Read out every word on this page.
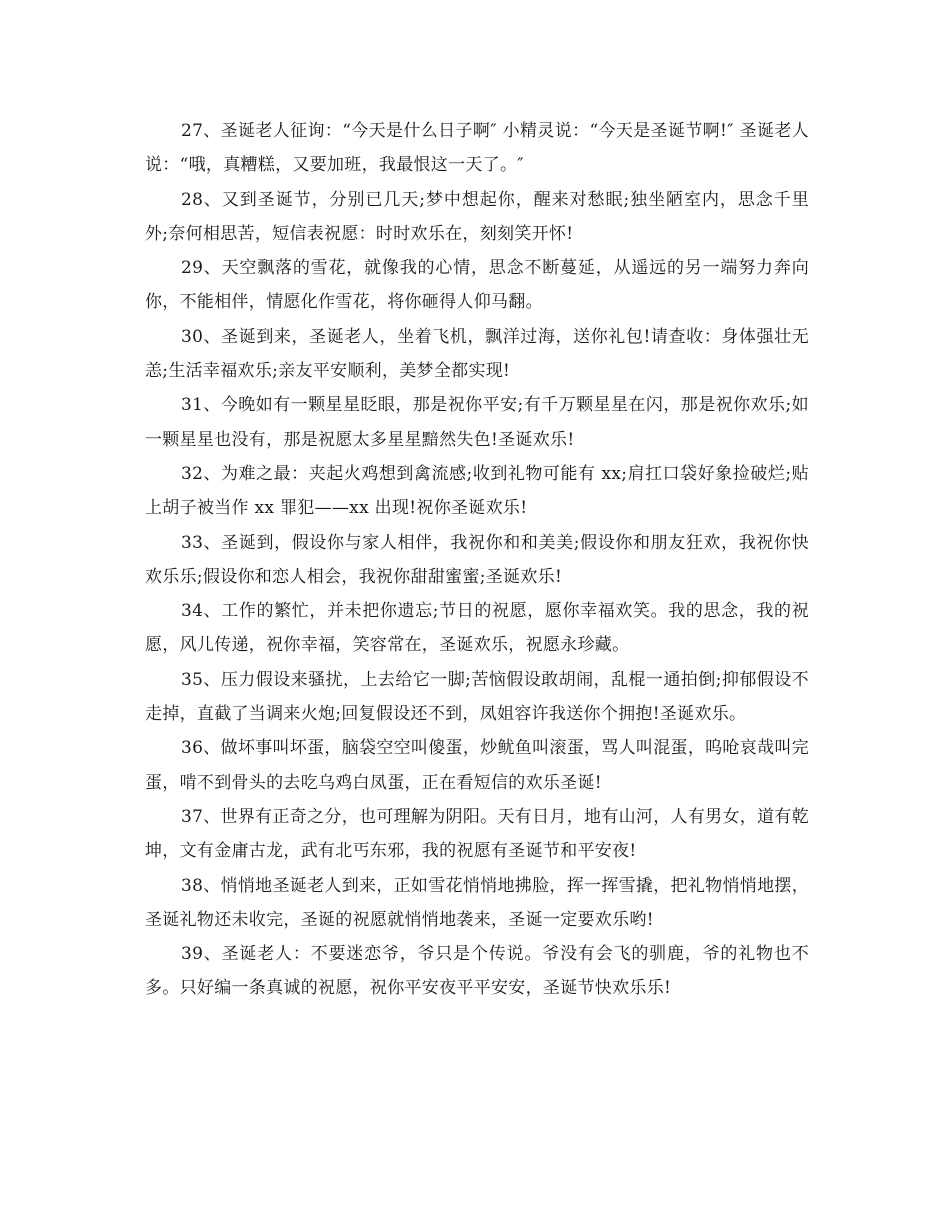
27、圣诞老人征询：“今天是什么日子啊″ 小精灵说：“今天是圣诞节啊!″ 圣诞老人说：“哦，真糟糕，又要加班，我最恨这一天了。″

28、又到圣诞节，分别已几天;梦中想起你，醒来对愁眠;独坐陋室内，思念千里外;奈何相思苦，短信表祝愿：时时欢乐在，刻刻笑开怀!

29、天空飘落的雪花，就像我的心情，思念不断蔓延，从遥远的另一端努力奔向你，不能相伴，情愿化作雪花，将你砸得人仰马翻。

30、圣诞到来，圣诞老人，坐着飞机，飘洋过海，送你礼包!请查收：身体强壮无恙;生活幸福欢乐;亲友平安顺利，美梦全都实现!

31、今晚如有一颗星星眨眼，那是祝你平安;有千万颗星星在闪，那是祝你欢乐;如一颗星星也没有，那是祝愿太多星星黯然失色!圣诞欢乐!

32、为难之最：夹起火鸡想到禽流感;收到礼物可能有 xx;肩扛口袋好象捡破烂;贴上胡子被当作 xx 罪犯——xx 出现!祝你圣诞欢乐!

33、圣诞到，假设你与家人相伴，我祝你和和美美;假设你和朋友狂欢，我祝你快欢乐乐;假设你和恋人相会，我祝你甜甜蜜蜜;圣诞欢乐!

34、工作的繁忙，并未把你遗忘;节日的祝愿，愿你幸福欢笑。我的思念，我的祝愿，风儿传递，祝你幸福，笑容常在，圣诞欢乐，祝愿永珍藏。

35、压力假设来骚扰，上去给它一脚;苦恼假设敢胡闹，乱棍一通拍倒;抑郁假设不走掉，直截了当调来火炮;回复假设还不到，凤姐容许我送你个拥抱!圣诞欢乐。

36、做坏事叫坏蛋，脑袋空空叫傻蛋，炒鱿鱼叫滚蛋，骂人叫混蛋，呜呛哀哉叫完蛋，啃不到骨头的去吃乌鸡白凤蛋，正在看短信的欢乐圣诞!

37、世界有正奇之分，也可理解为阴阳。天有日月，地有山河，人有男女，道有乾坤，文有金庸古龙，武有北丐东邪，我的祝愿有圣诞节和平安夜!

38、悄悄地圣诞老人到来，正如雪花悄悄地拂脸，挥一挥雪撬，把礼物悄悄地摆，圣诞礼物还未收完，圣诞的祝愿就悄悄地袭来，圣诞一定要欢乐哟!

39、圣诞老人：不要迷恋爷，爷只是个传说。爷没有会飞的驯鹿，爷的礼物也不多。只好编一条真诚的祝愿，祝你平安夜平平安安，圣诞节快欢乐乐!
